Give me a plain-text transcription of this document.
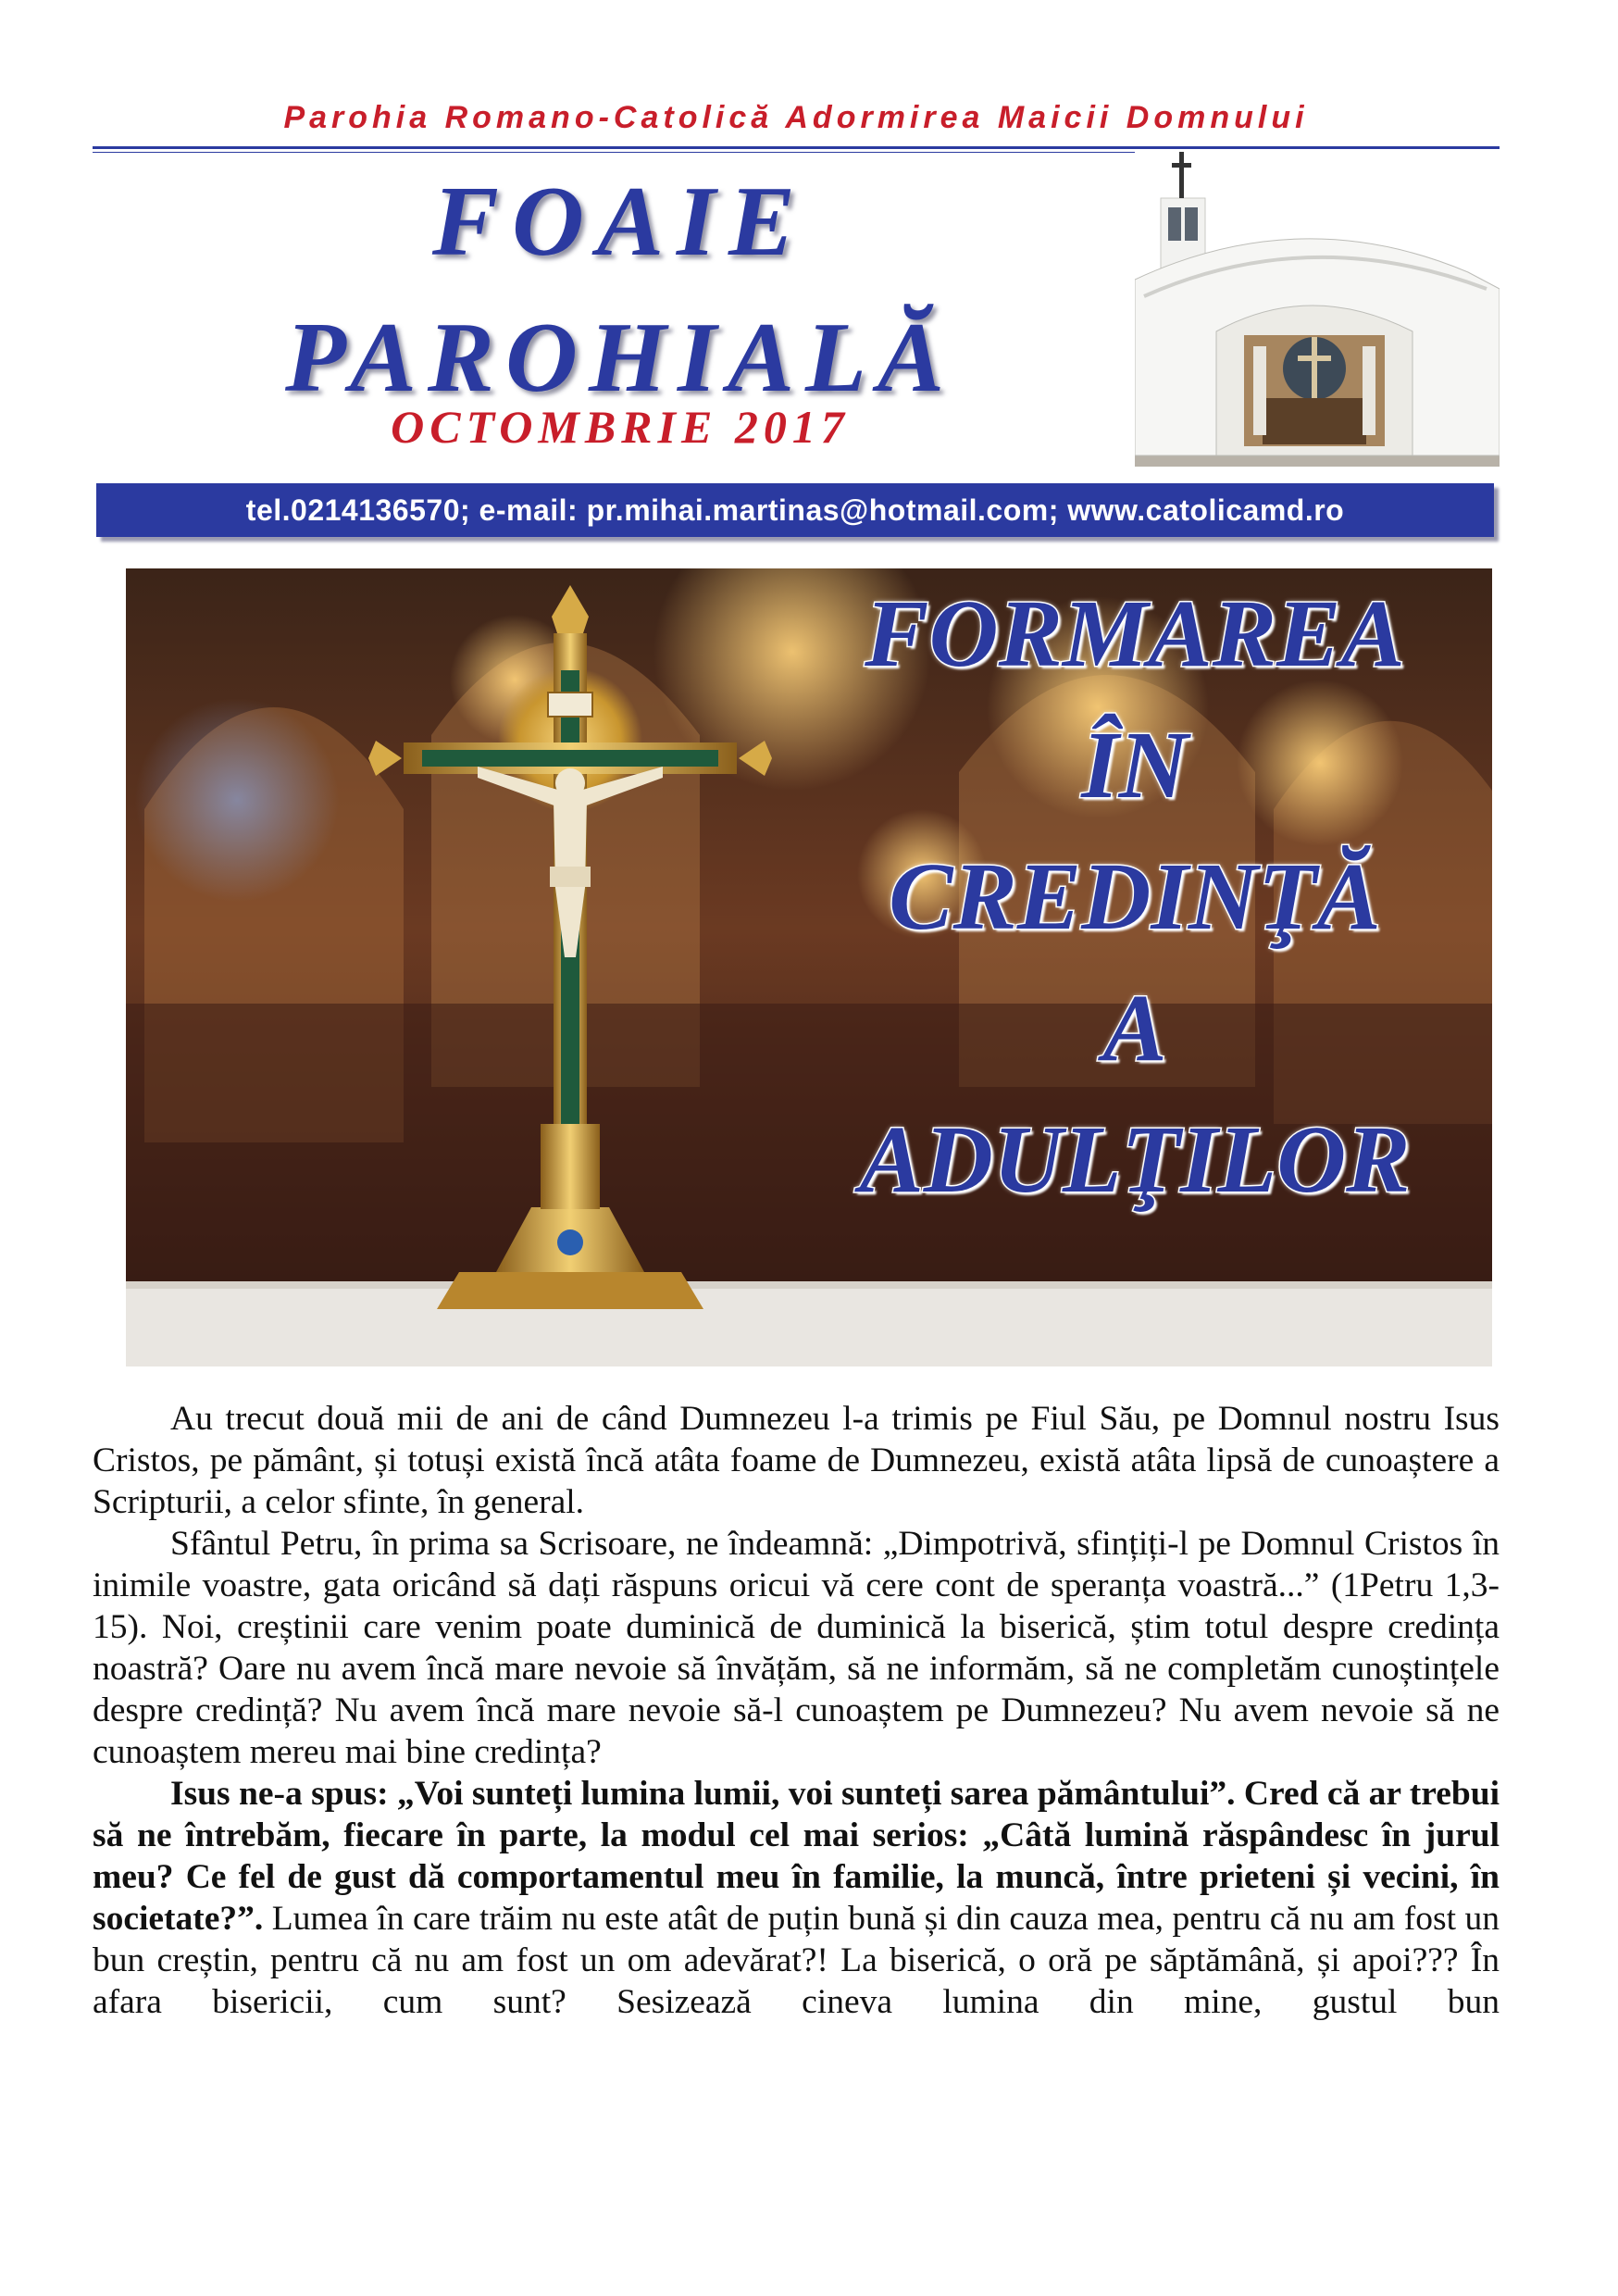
Parohia Romano-Catolică Adormirea Maicii Domnului
FOAIE
PAROHIALĂ
OCTOMBRIE 2017
tel.0214136570; e-mail: pr.mihai.martinas@hotmail.com; www.catolicamd.ro
FORMAREA
ÎN
CREDINŢĂ
A
ADULŢILOR

Au trecut două mii de ani de când Dumnezeu l-a trimis pe Fiul Său, pe Domnul nostru Isus Cristos, pe pământ, și totuși există încă atâta foame de Dumnezeu, există atâta lipsă de cunoaștere a Scripturii, a celor sfinte, în general.

Sfântul Petru, în prima sa Scrisoare, ne îndeamnă: „Dimpotrivă, sfințiți-l pe Domnul Cristos în inimile voastre, gata oricând să dați răspuns oricui vă cere cont de speranța voastră...” (1Petru 1,3-15). Noi, creștinii care venim poate duminică de duminică la biserică, știm totul despre credința noastră? Oare nu avem încă mare nevoie să învățăm, să ne informăm, să ne completăm cunoștințele despre credință? Nu avem încă mare nevoie să-l cunoaștem pe Dumnezeu? Nu avem nevoie să ne cunoaștem mereu mai bine credința?

Isus ne-a spus: „Voi sunteți lumina lumii, voi sunteți sarea pământului”. Cred că ar trebui să ne întrebăm, fiecare în parte, la modul cel mai serios: „Câtă lumină răspândesc în jurul meu? Ce fel de gust dă comportamentul meu în familie, la muncă, între prieteni și vecini, în societate?”. Lumea în care trăim nu este atât de puțin bună și din cauza mea, pentru că nu am fost un bun creștin, pentru că nu am fost un om adevărat?! La biserică, o oră pe săptămână, și apoi??? În afara bisericii, cum sunt? Sesizează cineva lumina din mine, gustul bun
